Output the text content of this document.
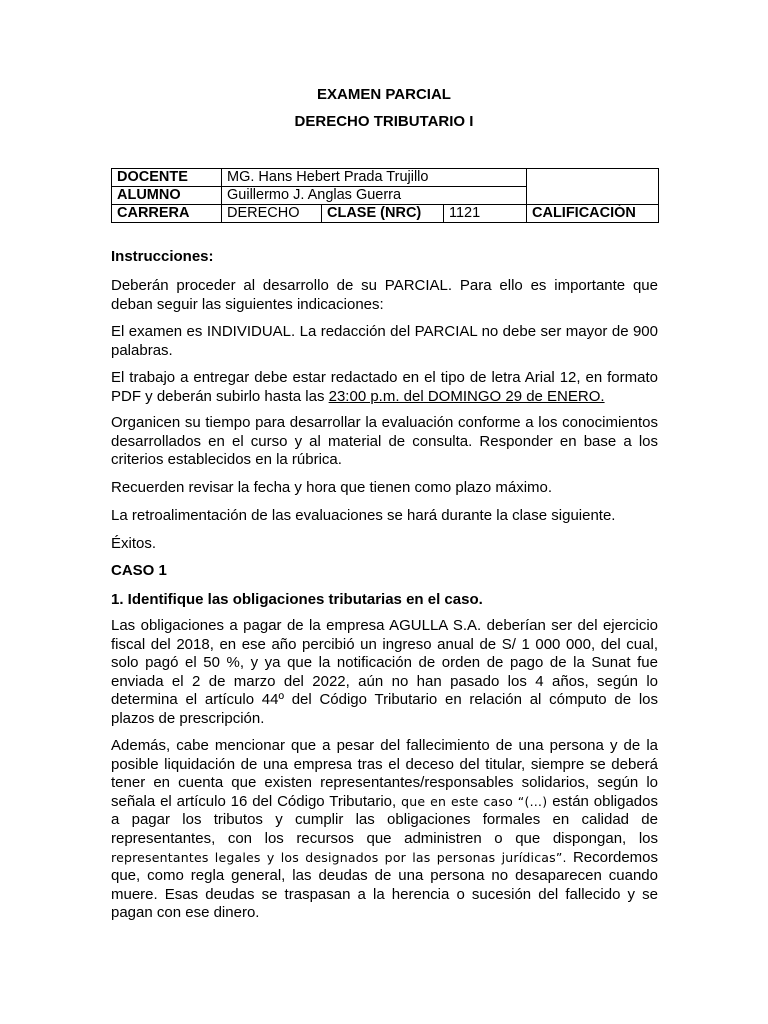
EXAMEN PARCIAL
DERECHO TRIBUTARIO I
DOCENTE	MG. Hans Hebert Prada Trujillo			
ALUMNO	Guillermo J. Anglas Guerra			
CARRERA	DERECHO	CLASE (NRC)	1121	CALIFICACIÓN

Instrucciones:

Deberán proceder al desarrollo de su PARCIAL. Para ello es importante que deban seguir las siguientes indicaciones:

El examen es INDIVIDUAL. La redacción del PARCIAL no debe ser mayor de 900 palabras.

El trabajo a entregar debe estar redactado en el tipo de letra Arial 12, en formato PDF y deberán subirlo hasta las 23:00 p.m. del DOMINGO 29 de ENERO.

Organicen su tiempo para desarrollar la evaluación conforme a los conocimientos desarrollados en el curso y al material de consulta. Responder en base a los criterios establecidos en la rúbrica.

Recuerden revisar la fecha y hora que tienen como plazo máximo.

La retroalimentación de las evaluaciones se hará durante la clase siguiente.

Éxitos.

CASO 1

1. Identifique las obligaciones tributarias en el caso.

Las obligaciones a pagar de la empresa AGULLA S.A. deberían ser del ejercicio fiscal del 2018, en ese año percibió un ingreso anual de S/ 1 000 000, del cual, solo pagó el 50 %, y ya que la notificación de orden de pago de la Sunat fue enviada el 2 de marzo del 2022, aún no han pasado los 4 años, según lo determina el artículo 44º del Código Tributario en relación al cómputo de los plazos de prescripción.

Además, cabe mencionar que a pesar del fallecimiento de una persona y de la posible liquidación de una empresa tras el deceso del titular, siempre se deberá tener en cuenta que existen representantes/responsables solidarios, según lo señala el artículo 16 del Código Tributario, que en este caso “(…) están obligados a pagar los tributos y cumplir las obligaciones formales en calidad de representantes, con los recursos que administren o que dispongan, los representantes legales y los designados por las personas jurídicas”. Recordemos que, como regla general, las deudas de una persona no desaparecen cuando muere. Esas deudas se traspasan a la herencia o sucesión del fallecido y se pagan con ese dinero.
